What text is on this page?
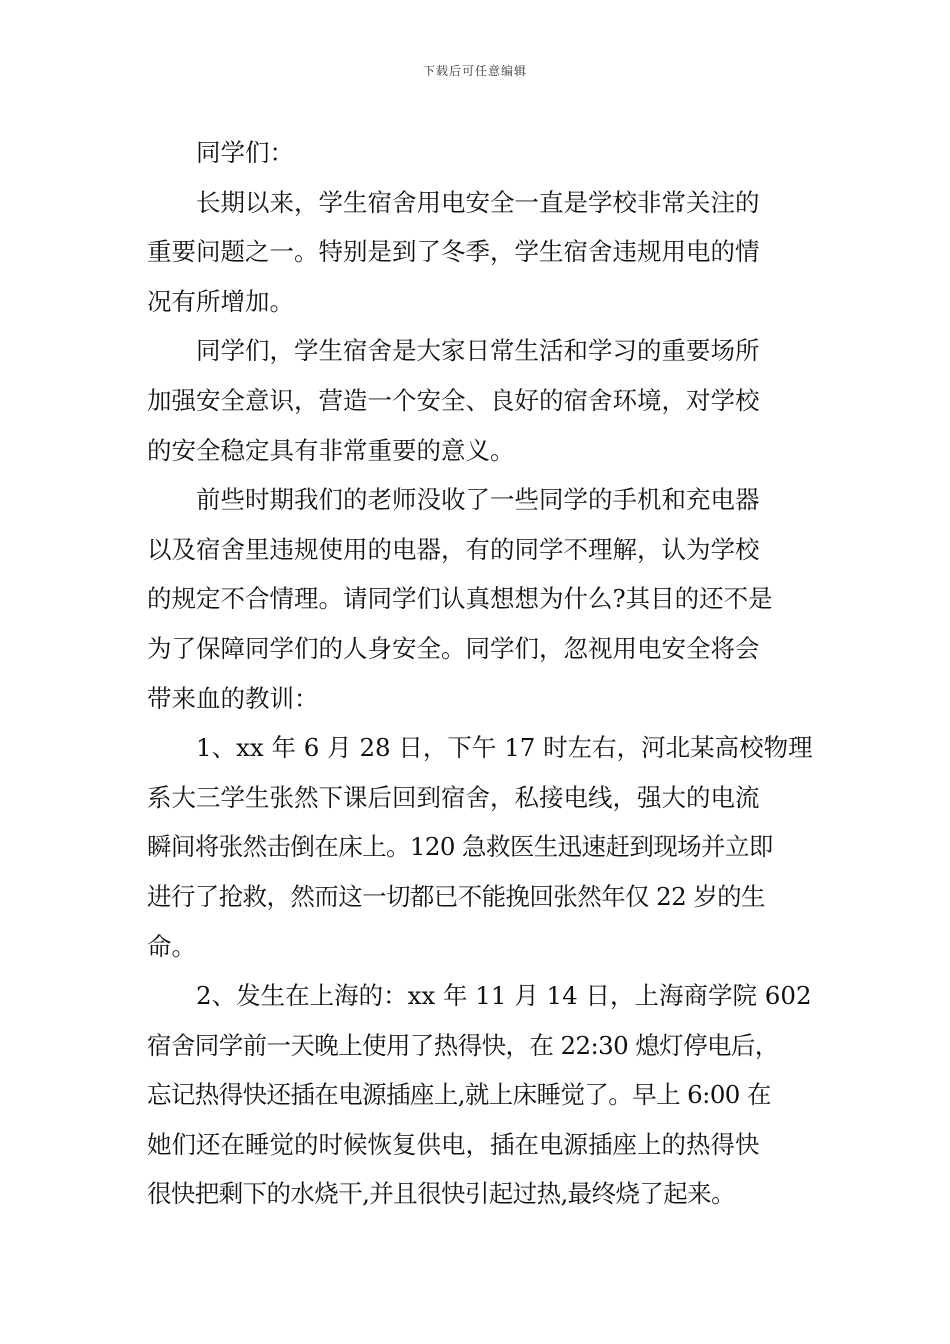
下载后可任意编辑
同学们：
长期以来，学生宿舍用电安全一直是学校非常关注的
重要问题之一。特别是到了冬季，学生宿舍违规用电的情
况有所增加。
同学们，学生宿舍是大家日常生活和学习的重要场所
加强安全意识，营造一个安全、良好的宿舍环境，对学校
的安全稳定具有非常重要的意义。
前些时期我们的老师没收了一些同学的手机和充电器
以及宿舍里违规使用的电器，有的同学不理解，认为学校
的规定不合情理。请同学们认真想想为什么?其目的还不是
为了保障同学们的人身安全。同学们，忽视用电安全将会
带来血的教训：
1、xx 年 6 月 28 日，下午 17 时左右，河北某高校物理
系大三学生张然下课后回到宿舍，私接电线，强大的电流
瞬间将张然击倒在床上。120 急救医生迅速赶到现场并立即
进行了抢救，然而这一切都已不能挽回张然年仅 22 岁的生
命。
2、发生在上海的：xx 年 11 月 14 日，上海商学院 602
宿舍同学前一天晚上使用了热得快，在 22:30 熄灯停电后，
忘记热得快还插在电源插座上,就上床睡觉了。早上 6:00 在
她们还在睡觉的时候恢复供电，插在电源插座上的热得快
很快把剩下的水烧干,并且很快引起过热,最终烧了起来。
